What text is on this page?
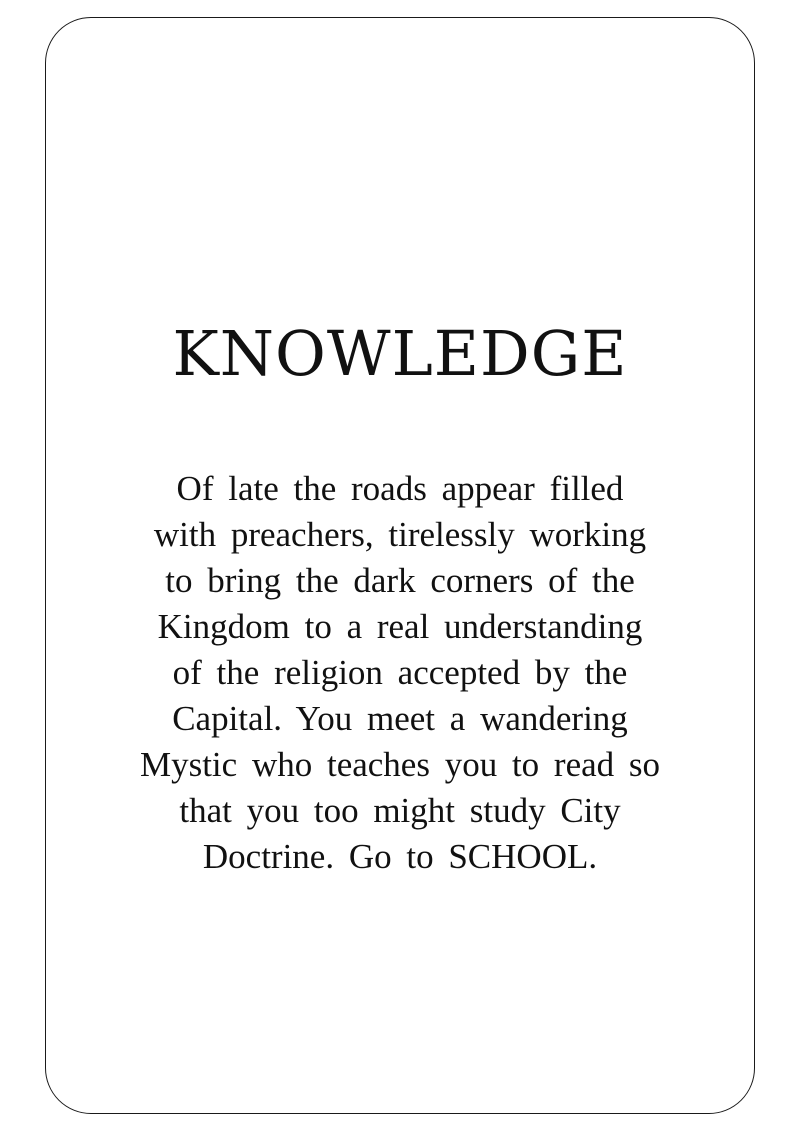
KNOWLEDGE
Of late the roads appear filled
with preachers, tirelessly working
to bring the dark corners of the
Kingdom to a real understanding
of the religion accepted by the
Capital. You meet a wandering
Mystic who teaches you to read so
that you too might study City
Doctrine. Go to SCHOOL.
